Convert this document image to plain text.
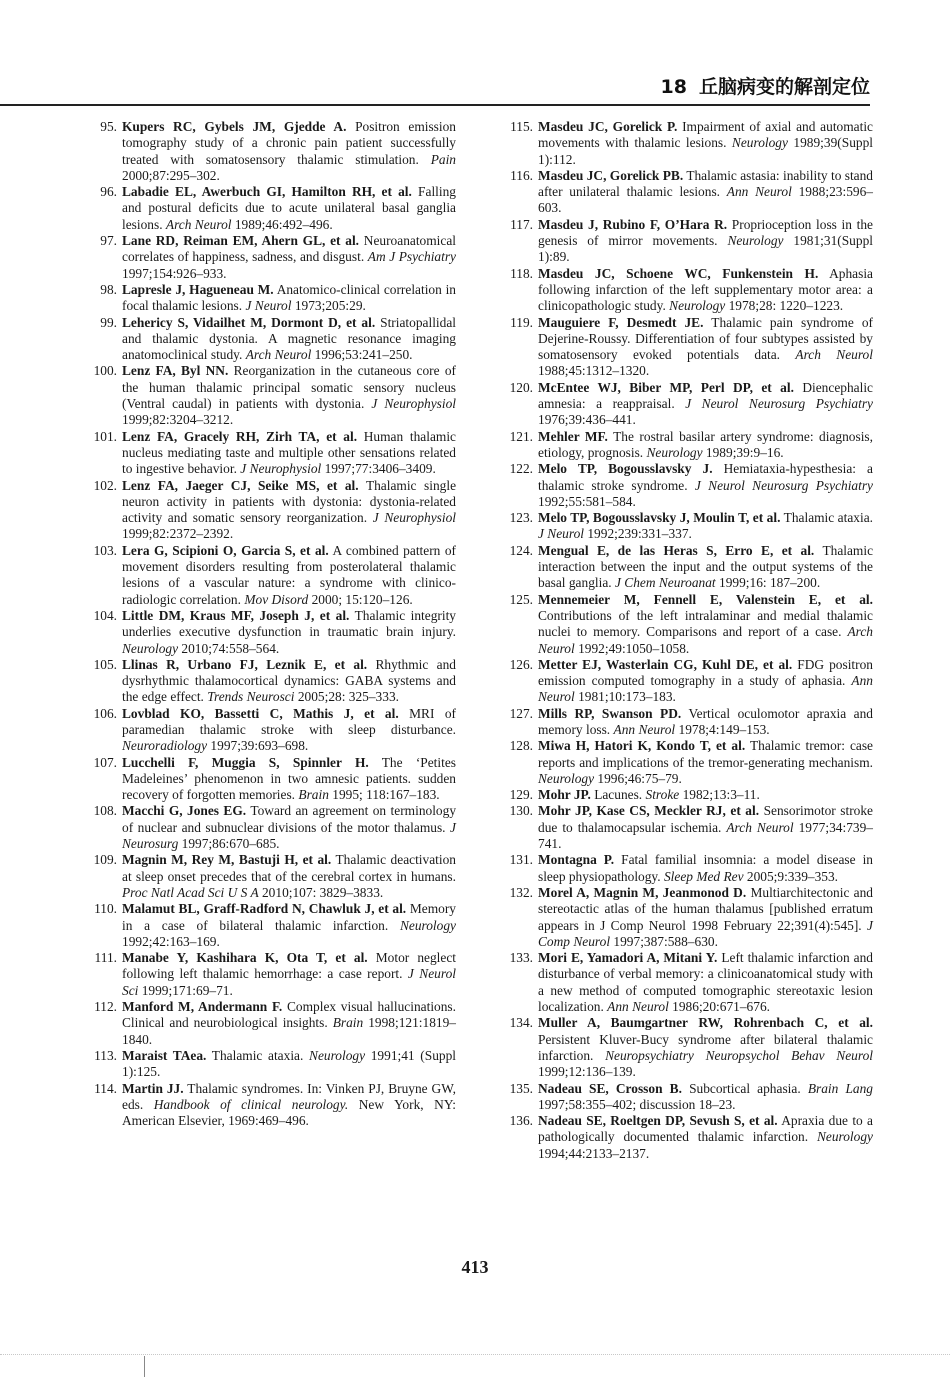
18 丘脑病变的解剖定位
95. Kupers RC, Gybels JM, Gjedde A. Positron emission tomography study of a chronic pain patient successfully treated with somatosensory thalamic stimulation. Pain 2000;87:295–302.
96. Labadie EL, Awerbuch GI, Hamilton RH, et al. Falling and postural deficits due to acute unilateral basal ganglia lesions. Arch Neurol 1989;46:492–496.
97. Lane RD, Reiman EM, Ahern GL, et al. Neuroanatomical correlates of happiness, sadness, and disgust. Am J Psychiatry 1997;154:926–933.
98. Lapresle J, Hagueneau M. Anatomico-clinical correlation in focal thalamic lesions. J Neurol 1973;205:29.
99. Lehericy S, Vidailhet M, Dormont D, et al. Striatopallidal and thalamic dystonia. A magnetic resonance imaging anatomoclinical study. Arch Neurol 1996;53:241–250.
100. Lenz FA, Byl NN. Reorganization in the cutaneous core of the human thalamic principal somatic sensory nucleus (Ventral caudal) in patients with dystonia. J Neurophysiol 1999;82:3204–3212.
101. Lenz FA, Gracely RH, Zirh TA, et al. Human thalamic nucleus mediating taste and multiple other sensations related to ingestive behavior. J Neurophysiol 1997;77:3406–3409.
102. Lenz FA, Jaeger CJ, Seike MS, et al. Thalamic single neuron activity in patients with dystonia: dystonia-related activity and somatic sensory reorganization. J Neurophysiol 1999;82:2372–2392.
103. Lera G, Scipioni O, Garcia S, et al. A combined pattern of movement disorders resulting from posterolateral thalamic lesions of a vascular nature: a syndrome with clinico-radiologic correlation. Mov Disord 2000; 15:120–126.
104. Little DM, Kraus MF, Joseph J, et al. Thalamic integrity underlies executive dysfunction in traumatic brain injury. Neurology 2010;74:558–564.
105. Llinas R, Urbano FJ, Leznik E, et al. Rhythmic and dysrhythmic thalamocortical dynamics: GABA systems and the edge effect. Trends Neurosci 2005;28: 325–333.
106. Lovblad KO, Bassetti C, Mathis J, et al. MRI of paramedian thalamic stroke with sleep disturbance. Neuroradiology 1997;39:693–698.
107. Lucchelli F, Muggia S, Spinnler H. The ‘Petites Madeleines’ phenomenon in two amnesic patients. sudden recovery of forgotten memories. Brain 1995; 118:167–183.
108. Macchi G, Jones EG. Toward an agreement on terminology of nuclear and subnuclear divisions of the motor thalamus. J Neurosurg 1997;86:670–685.
109. Magnin M, Rey M, Bastuji H, et al. Thalamic deactivation at sleep onset precedes that of the cerebral cortex in humans. Proc Natl Acad Sci U S A 2010;107: 3829–3833.
110. Malamut BL, Graff-Radford N, Chawluk J, et al. Memory in a case of bilateral thalamic infarction. Neurology 1992;42:163–169.
111. Manabe Y, Kashihara K, Ota T, et al. Motor neglect following left thalamic hemorrhage: a case report. J Neurol Sci 1999;171:69–71.
112. Manford M, Andermann F. Complex visual hallucinations. Clinical and neurobiological insights. Brain 1998;121:1819–1840.
113. Maraist TAea. Thalamic ataxia. Neurology 1991;41 (Suppl 1):125.
114. Martin JJ. Thalamic syndromes. In: Vinken PJ, Bruyne GW, eds. Handbook of clinical neurology. New York, NY: American Elsevier, 1969:469–496.
115. Masdeu JC, Gorelick P. Impairment of axial and automatic movements with thalamic lesions. Neurology 1989;39(Suppl 1):112.
116. Masdeu JC, Gorelick PB. Thalamic astasia: inability to stand after unilateral thalamic lesions. Ann Neurol 1988;23:596–603.
117. Masdeu J, Rubino F, O’Hara R. Proprioception loss in the genesis of mirror movements. Neurology 1981;31(Suppl 1):89.
118. Masdeu JC, Schoene WC, Funkenstein H. Aphasia following infarction of the left supplementary motor area: a clinicopathologic study. Neurology 1978;28: 1220–1223.
119. Mauguiere F, Desmedt JE. Thalamic pain syndrome of Dejerine-Roussy. Differentiation of four subtypes assisted by somatosensory evoked potentials data. Arch Neurol 1988;45:1312–1320.
120. McEntee WJ, Biber MP, Perl DP, et al. Diencephalic amnesia: a reappraisal. J Neurol Neurosurg Psychiatry 1976;39:436–441.
121. Mehler MF. The rostral basilar artery syndrome: diagnosis, etiology, prognosis. Neurology 1989;39:9–16.
122. Melo TP, Bogousslavsky J. Hemiataxia-hypesthesia: a thalamic stroke syndrome. J Neurol Neurosurg Psychiatry 1992;55:581–584.
123. Melo TP, Bogousslavsky J, Moulin T, et al. Thalamic ataxia. J Neurol 1992;239:331–337.
124. Mengual E, de las Heras S, Erro E, et al. Thalamic interaction between the input and the output systems of the basal ganglia. J Chem Neuroanat 1999;16: 187–200.
125. Mennemeier M, Fennell E, Valenstein E, et al. Contributions of the left intralaminar and medial thalamic nuclei to memory. Comparisons and report of a case. Arch Neurol 1992;49:1050–1058.
126. Metter EJ, Wasterlain CG, Kuhl DE, et al. FDG positron emission computed tomography in a study of aphasia. Ann Neurol 1981;10:173–183.
127. Mills RP, Swanson PD. Vertical oculomotor apraxia and memory loss. Ann Neurol 1978;4:149–153.
128. Miwa H, Hatori K, Kondo T, et al. Thalamic tremor: case reports and implications of the tremor-generating mechanism. Neurology 1996;46:75–79.
129. Mohr JP. Lacunes. Stroke 1982;13:3–11.
130. Mohr JP, Kase CS, Meckler RJ, et al. Sensorimotor stroke due to thalamocapsular ischemia. Arch Neurol 1977;34:739–741.
131. Montagna P. Fatal familial insomnia: a model disease in sleep physiopathology. Sleep Med Rev 2005;9:339–353.
132. Morel A, Magnin M, Jeanmonod D. Multiarchitectonic and stereotactic atlas of the human thalamus [published erratum appears in J Comp Neurol 1998 February 22;391(4):545]. J Comp Neurol 1997;387:588–630.
133. Mori E, Yamadori A, Mitani Y. Left thalamic infarction and disturbance of verbal memory: a clinicoanatomical study with a new method of computed tomographic stereotaxic lesion localization. Ann Neurol 1986;20:671–676.
134. Muller A, Baumgartner RW, Rohrenbach C, et al. Persistent Kluver-Bucy syndrome after bilateral thalamic infarction. Neuropsychiatry Neuropsychol Behav Neurol 1999;12:136–139.
135. Nadeau SE, Crosson B. Subcortical aphasia. Brain Lang 1997;58:355–402; discussion 18–23.
136. Nadeau SE, Roeltgen DP, Sevush S, et al. Apraxia due to a pathologically documented thalamic infarction. Neurology 1994;44:2133–2137.
413
